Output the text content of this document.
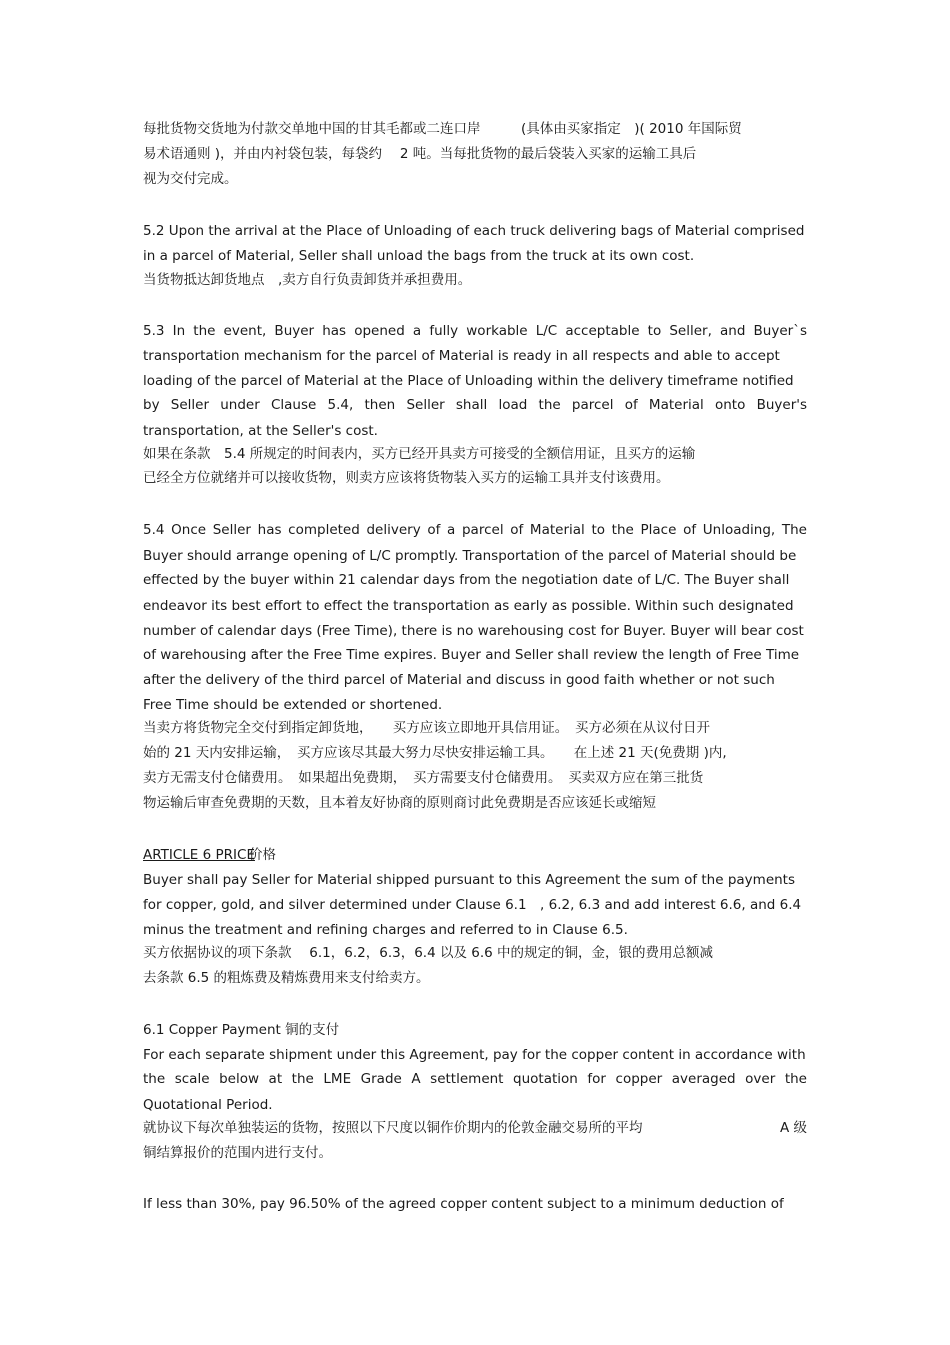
每批货物交货地为付款交单地中国的甘其毛都或二连口岸　　　(具体由买家指定　)( 2010 年国际贸
易术语通则 )，并由内衬袋包装，每袋约　 2 吨。当每批货物的最后袋装入买家的运输工具后
视为交付完成。
5.2 Upon the arrival at the Place of Unloading of each truck delivering bags of Material comprised
in a parcel of Material, Seller shall unload the bags from the truck at its own cost.
当货物抵达卸货地点　,卖方自行负责卸货并承担费用。
5.3 In the event, Buyer has opened a fully workable L/C acceptable to Seller, and Buyer`s
transportation mechanism for the parcel of Material is ready in all respects and able to accept
loading of the parcel of Material at the Place of Unloading within the delivery timeframe notified
by Seller under Clause 5.4, then Seller shall load the parcel of Material onto Buyer's
transportation, at the Seller's cost.
如果在条款　5.4 所规定的时间表内，买方已经开具卖方可接受的全额信用证，且买方的运输
已经全方位就绪并可以接收货物，则卖方应该将货物装入买方的运输工具并支付该费用。
5.4 Once Seller has completed delivery of a parcel of Material to the Place of Unloading, The
Buyer should arrange opening of L/C promptly. Transportation of the parcel of Material should be
effected by the buyer within 21 calendar days from the negotiation date of L/C. The Buyer shall
endeavor its best effort to effect the transportation as early as possible. Within such designated
number of calendar days (Free Time), there is no warehousing cost for Buyer. Buyer will bear cost
of warehousing after the Free Time expires. Buyer and Seller shall review the length of Free Time
after the delivery of the third parcel of Material and discuss in good faith whether or not such
Free Time should be extended or shortened.
当卖方将货物完全交付到指定卸货地，　　买方应该立即地开具信用证。　买方必须在从议付日开
始的 21 天内安排运输，　买方应该尽其最大努力尽快安排运输工具。　　在上述 21 天(免费期 )内,
卖方无需支付仓储费用。　如果超出免费期，　买方需要支付仓储费用。　买卖双方应在第三批货
物运输后审查免费期的天数，且本着友好协商的原则商讨此免费期是否应该延长或缩短
ARTICLE 6 PRICE价格
Buyer shall pay Seller for Material shipped pursuant to this Agreement the sum of the payments
for copper, gold, and silver determined under Clause 6.1　, 6.2, 6.3 and add interest 6.6, and 6.4
minus the treatment and refining charges and referred to in Clause 6.5.
买方依据协议的项下条款　 6.1，6.2，6.3，6.4 以及 6.6 中的规定的铜，金，银的费用总额减
去条款 6.5 的粗炼费及精炼费用来支付给卖方。
6.1 Copper Payment 铜的支付
For each separate shipment under this Agreement, pay for the copper content in accordance with
the scale below at the LME Grade A settlement quotation for copper averaged over the
Quotational Period.
就协议下每次单独装运的货物，按照以下尺度以铜作价期内的伦敦金融交易所的平均	A 级
铜结算报价的范围内进行支付。
If less than 30%, pay 96.50% of the agreed copper content subject to a minimum deduction of
